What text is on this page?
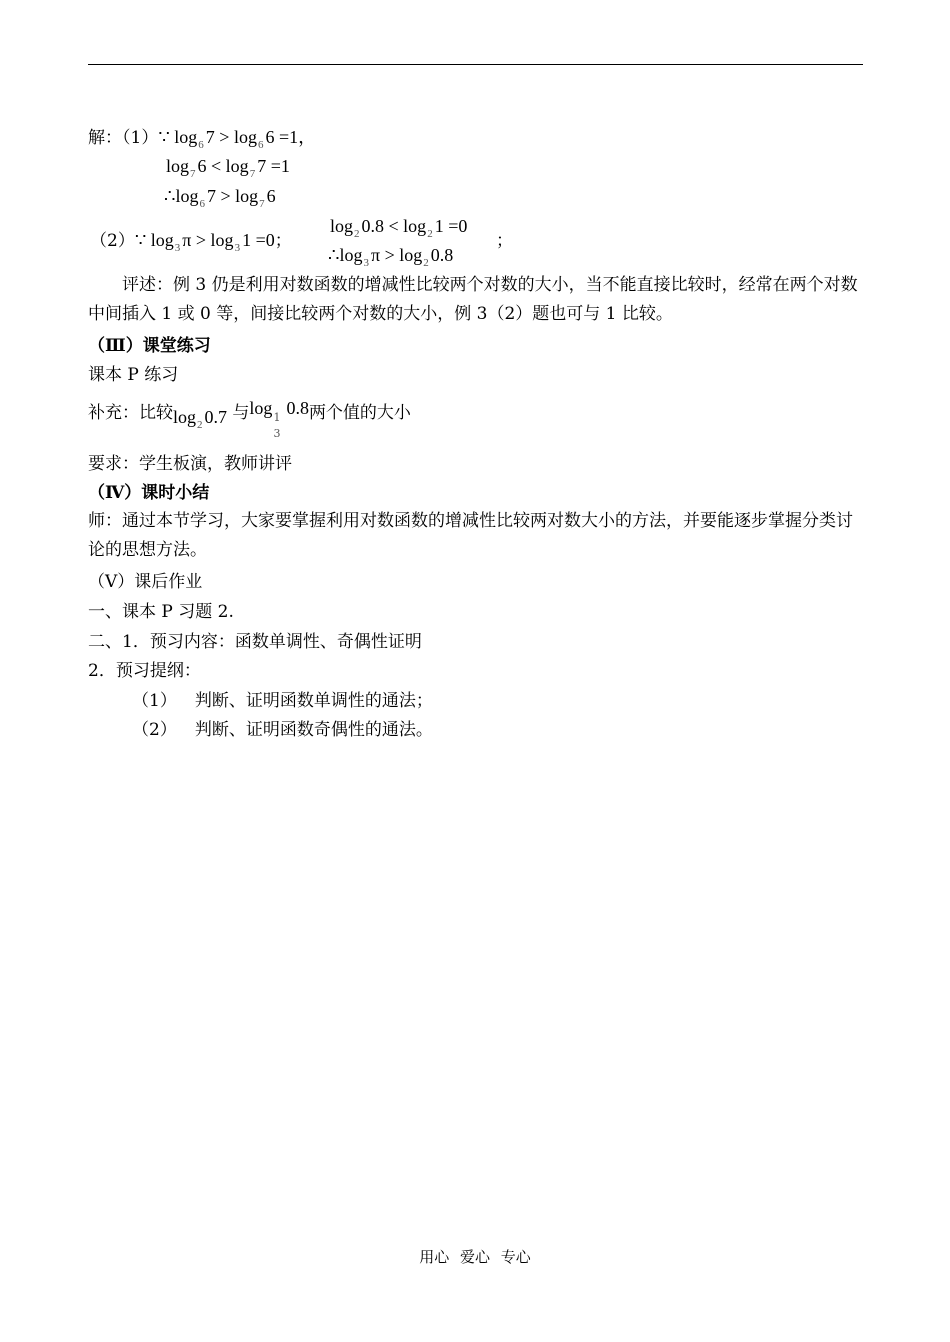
解：（1）∵ $\log_6 7 > \log_6 6 =1$，
$\log_7 6 < \log_7 7 =1$
$\therefore\log_6$ $7 > \log_7 6$
（2）∵ $\log_3 \pi > \log_3 1 =0$；
$\log_2 0.8 < \log_2 1 =0$
$\therefore\log_3$ $\pi > \log_2 0.8$
；
评述：例 3 仍是利用对数函数的增减性比较两个对数的大小，当不能直接比较时，经常在两个对数中间插入 1 或 0 等，间接比较两个对数的大小，例 3（2）题也可与 1 比较。
（Ⅲ）课堂练习
课本 P 练习
补充：比较$\log_2 0.7$ 与log 1
3
0.8两个值的大小
要求：学生板演，教师讲评
（Ⅳ）课时小结
师：通过本节学习，大家要掌握利用对数函数的增减性比较两对数大小的方法，并要能逐步掌握分类讨论的思想方法。
（V）课后作业
一、课本 P 习题 2.
二、1．预习内容：函数单调性、奇偶性证明
2．预习提纲：
（1） 判断、证明函数单调性的通法；
（2） 判断、证明函数奇偶性的通法。
用心 爱心 专心
